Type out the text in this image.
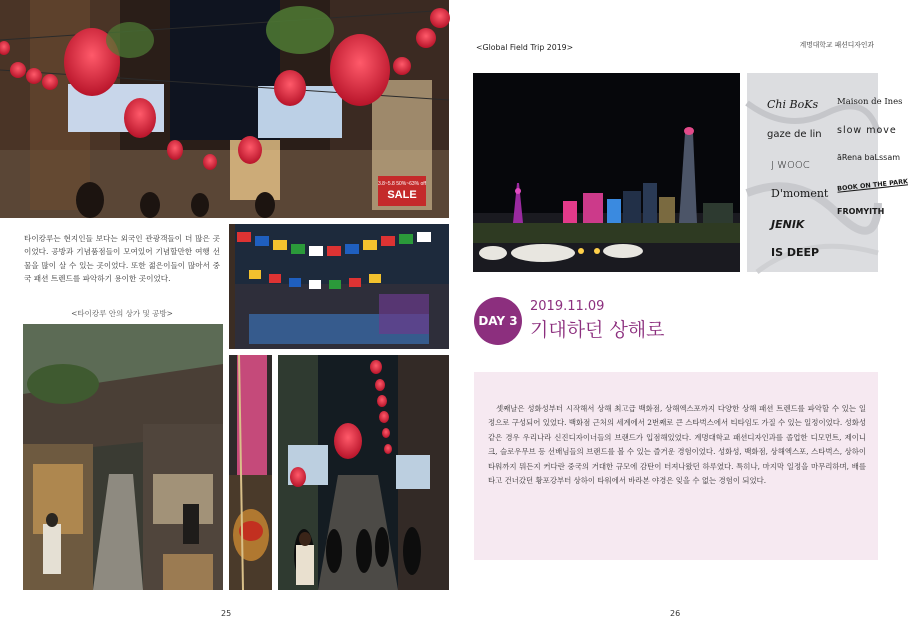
SALE
3.8~5.8 50%~63% off
타이캉루는 현지인들 보다는 외국인 관광객들이 더 많은 곳이었다. 공방과 기념품점들이 모여있어 기념할만한 여행 선물을 많이 살 수 있는 곳이었다. 또한 젊은이들이 많아서 중국 패션 트렌드를 파악하기 용이한 곳이었다.
<타이캉루 안의 상가 및 공방>
25
<Global Field Trip 2019>	계명대학교 패션디자인과
Chi BoKs Maison de Ines
gaze de lin slow move
J WOOC
āRena baLssam
D'moment
BOOK ON THE PARK
JENIK
FROMYITH
IS DEEP
DAY 3
2019.11.09
기대하던 상해로
셋째날은 성화성부터 시작해서 상해 최고급 백화점, 상해엑스포까지 다양한 상해 패션 트렌드를 파악할 수 있는 일정으로 구성되어 있었다. 백화점 근처의 세계에서 2번째로 큰 스타벅스에서 티타임도 가질 수 있는 일정이었다. 성화성같은 경우 우리나라 신진디자이너들의 브랜드가 입점해있었다. 계명대학교 패션디자인과를 졸업한 디모먼트, 제이니크, 슬로우무브 등 선배님들의 브랜드를 볼 수 있는 즐거운 경험이었다. 성화성, 백화점, 상해엑스포, 스타벅스, 상하이 타워까지 뭐든지 커다란 중국의 거대한 규모에 감탄이 터져나왔던 하루였다. 특히나, 마지막 일정을 마무리하며, 배를 타고 건너갔던 황포강부터 상하이 타워에서 바라본 야경은 잊을 수 없는 경험이 되었다.
26
